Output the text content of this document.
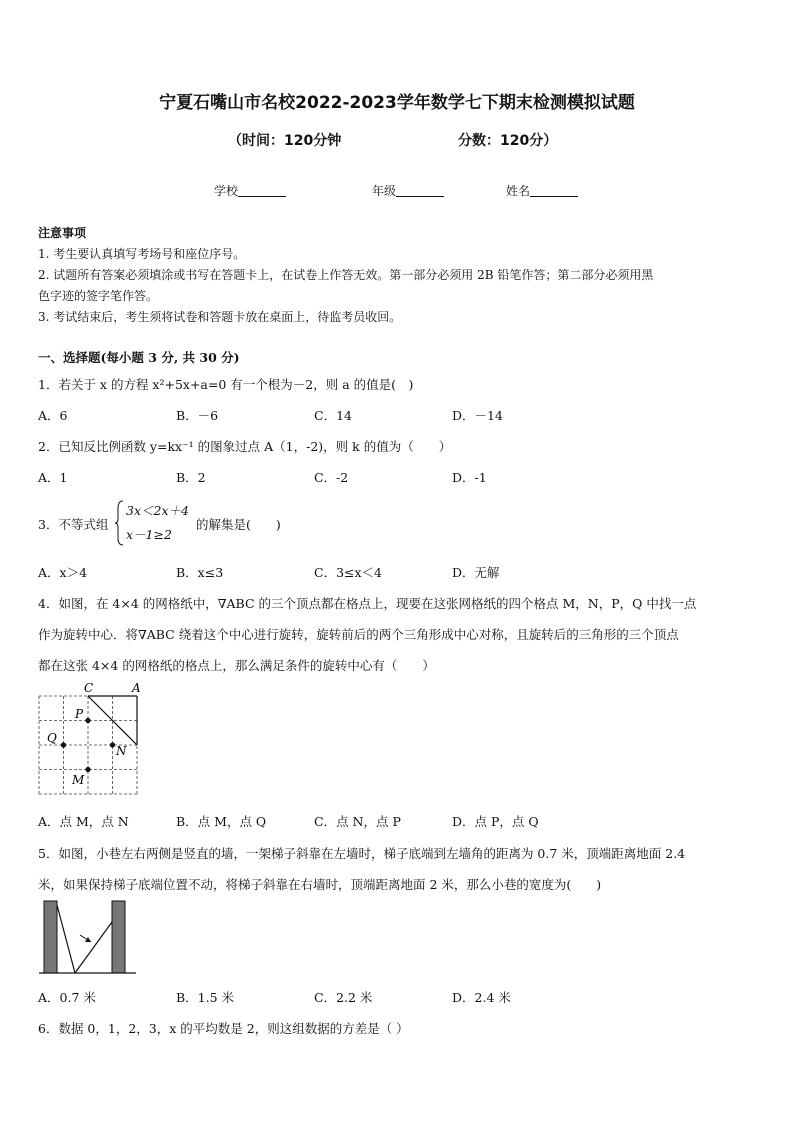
宁夏石嘴山市名校2022-2023学年数学七下期末检测模拟试题
（时间：120分钟	分数：120分）
学校	年级	姓名
注意事项
1. 考生要认真填写考场号和座位序号。
2. 试题所有答案必须填涂或书写在答题卡上，在试卷上作答无效。第一部分必须用 2B 铅笔作答；第二部分必须用黑
色字迹的签字笔作答。
3. 考试结束后，考生须将试卷和答题卡放在桌面上，待监考员收回。
一、选择题(每小题 3 分, 共 30 分)
1．若关于 x 的方程 x²+5x+a=0 有一个根为－2，则 a 的值是(　)
A．6	B．－6	C．14	D．－14
2．已知反比例函数 y=kx⁻¹ 的图象过点 A（1，-2)，则 k 的值为（　　）
A．1	B．2	C．-2	D．-1
3．不等式组
3x＜2x＋4
x－1≥2
的解集是(　　)
A．x＞4	B．x≤3	C．3≤x＜4	D．无解
4．如图，在 4×4 的网格纸中，∇ABC 的三个顶点都在格点上，现要在这张网格纸的四个格点 M，N，P，Q 中找一点
作为旋转中心．将∇ABC 绕着这个中心进行旋转，旋转前后的两个三角形成中心对称，且旋转后的三角形的三个顶点
都在这张 4×4 的网格纸的格点上，那么满足条件的旋转中心有（　　）
C	A
P
Q
N
M
A．点 M，点 N	B．点 M，点 Q	C．点 N，点 P	D．点 P，点 Q
5．如图，小巷左右两侧是竖直的墙，一架梯子斜靠在左墙时，梯子底端到左墙角的距离为 0.7 米，顶端距离地面 2.4
米，如果保持梯子底端位置不动，将梯子斜靠在右墙时，顶端距离地面 2 米，那么小巷的宽度为(　　)
A．0.7 米	B．1.5 米	C．2.2 米	D．2.4 米
6．数据 0，1，2，3，x 的平均数是 2，则这组数据的方差是（ ）
